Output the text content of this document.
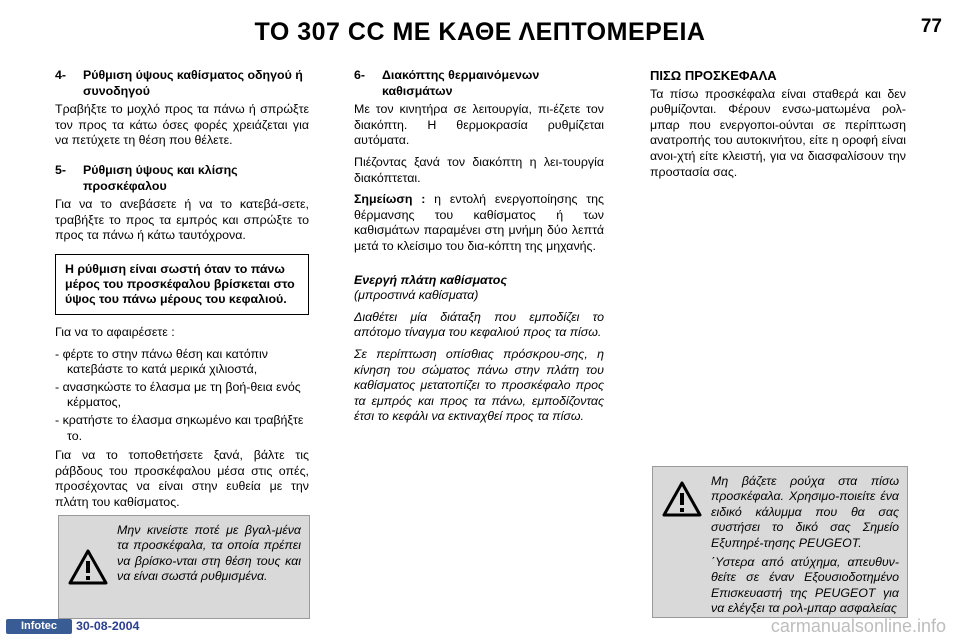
ΤΟ 307 CC ΜΕ ΚΑΘΕ ΛΕΠΤΟΜΕΡΕΙΑ	77
4-	Ρύθμιση ύψους καθίσματος οδηγού ή συνοδηγού

Τραβήξτε το μοχλό προς τα πάνω ή σπρώξτε τον προς τα κάτω όσες φορές χρειάζεται για να πετύχετε τη θέση που θέλετε.

5-	Ρύθμιση ύψους και κλίσης προσκέφαλου

Για να το ανεβάσετε ή να το κατεβά-σετε, τραβήξτε το προς τα εμπρός και σπρώξτε το προς τα πάνω ή κάτω ταυτόχρονα.

Η ρύθμιση είναι σωστή όταν το πάνω μέρος του προσκέφαλου βρίσκεται στο ύψος του πάνω μέρους του κεφαλιού.

Για να το αφαιρέσετε :

- φέρτε το στην πάνω θέση και κατόπιν κατεβάστε το κατά μερικά χιλιοστά,
- ανασηκώστε το έλασμα με τη βοή-θεια ενός κέρματος,
- κρατήστε το έλασμα σηκωμένο και τραβήξτε το.

Για να το τοποθετήσετε ξανά, βάλτε τις ράβδους του προσκέφαλου μέσα στις οπές, προσέχοντας να είναι στην ευθεία με την πλάτη του καθίσματος.

Μην κινείστε ποτέ με βγαλ-μένα τα προσκέφαλα, τα οποία πρέπει να βρίσκο-νται στη θέση τους και να είναι σωστά ρυθμισμένα.

6-	Διακόπτης θερμαινόμενων καθισμάτων

Με τον κινητήρα σε λειτουργία, πι-έζετε τον διακόπτη. Η θερμοκρασία ρυθμίζεται αυτόματα.

Πιέζοντας ξανά τον διακόπτη η λει-τουργία διακόπτεται.

Σημείωση : η εντολή ενεργοποίησης της θέρμανσης του καθίσματος ή των καθισμάτων παραμένει στη μνήμη δύο λεπτά μετά το κλείσιμο του δια-κόπτη της μηχανής.

Ενεργή πλάτη καθίσματος

(μπροστινά καθίσματα)

Διαθέτει μία διάταξη που εμποδίζει το απότομο τίναγμα του κεφαλιού προς τα πίσω.

Σε περίπτωση οπίσθιας πρόσκρου-σης, η κίνηση του σώματος πάνω στην πλάτη του καθίσματος μετατοπίζει το προσκέφαλο προς τα εμπρός και προς τα πάνω, εμποδίζοντας έτσι το κεφάλι να εκτιναχθεί προς τα πίσω.

ΠΙΣΩ ΠΡΟΣΚΕΦΑΛΑ

Τα πίσω προσκέφαλα είναι σταθερά και δεν ρυθμίζονται. Φέρουν ενσω-ματωμένα ρολ-μπαρ που ενεργοποι-ούνται σε περίπτωση ανατροπής του αυτοκινήτου, είτε η οροφή είναι ανοι-χτή είτε κλειστή, για να διασφαλίσουν την προστασία σας.

Μη βάζετε ρούχα στα πίσω προσκέφαλα. Χρησιμο-ποιείτε ένα ειδικό κάλυμμα που θα σας συστήσει το δικό σας Σημείο Εξυπηρέ-τησης PEUGEOT.

΄Υστερα από ατύχημα, απευθυν-θείτε σε έναν Εξουσιοδοτημένο Επισκευαστή της PEUGEOT για να ελέγξει τα ρολ-μπαρ ασφαλείας

Infotec	30-08-2004	carmanualsonline.info
